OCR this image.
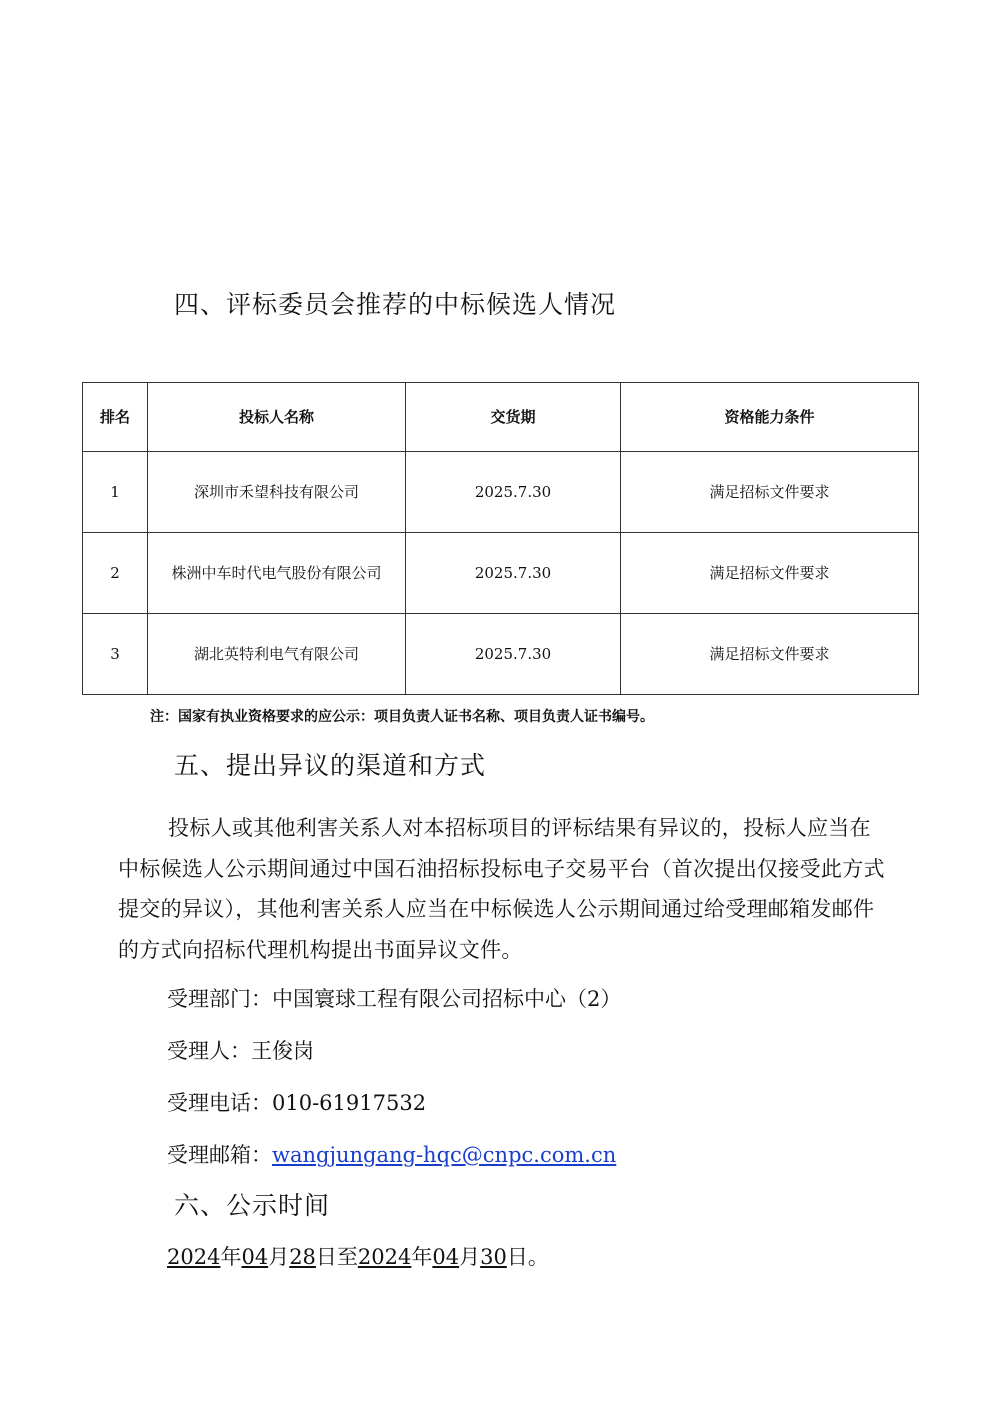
四、评标委员会推荐的中标候选人情况
排名	投标人名称	交货期	资格能力条件
1	深圳市禾望科技有限公司	2025.7.30	满足招标文件要求
2	株洲中车时代电气股份有限公司	2025.7.30	满足招标文件要求
3	湖北英特利电气有限公司	2025.7.30	满足招标文件要求
注：国家有执业资格要求的应公示：项目负责人证书名称、项目负责人证书编号。
五、提出异议的渠道和方式

投标人或其他利害关系人对本招标项目的评标结果有异议的，投标人应当在中标候选人公示期间通过中国石油招标投标电子交易平台（首次提出仅接受此方式提交的异议），其他利害关系人应当在中标候选人公示期间通过给受理邮箱发邮件的方式向招标代理机构提出书面异议文件。

受理部门：中国寰球工程有限公司招标中心（2）

受理人：王俊岗

受理电话：010-61917532

受理邮箱：wangjungang-hqc@cnpc.com.cn

六、公示时间

2024年04月28日至2024年04月30日。
